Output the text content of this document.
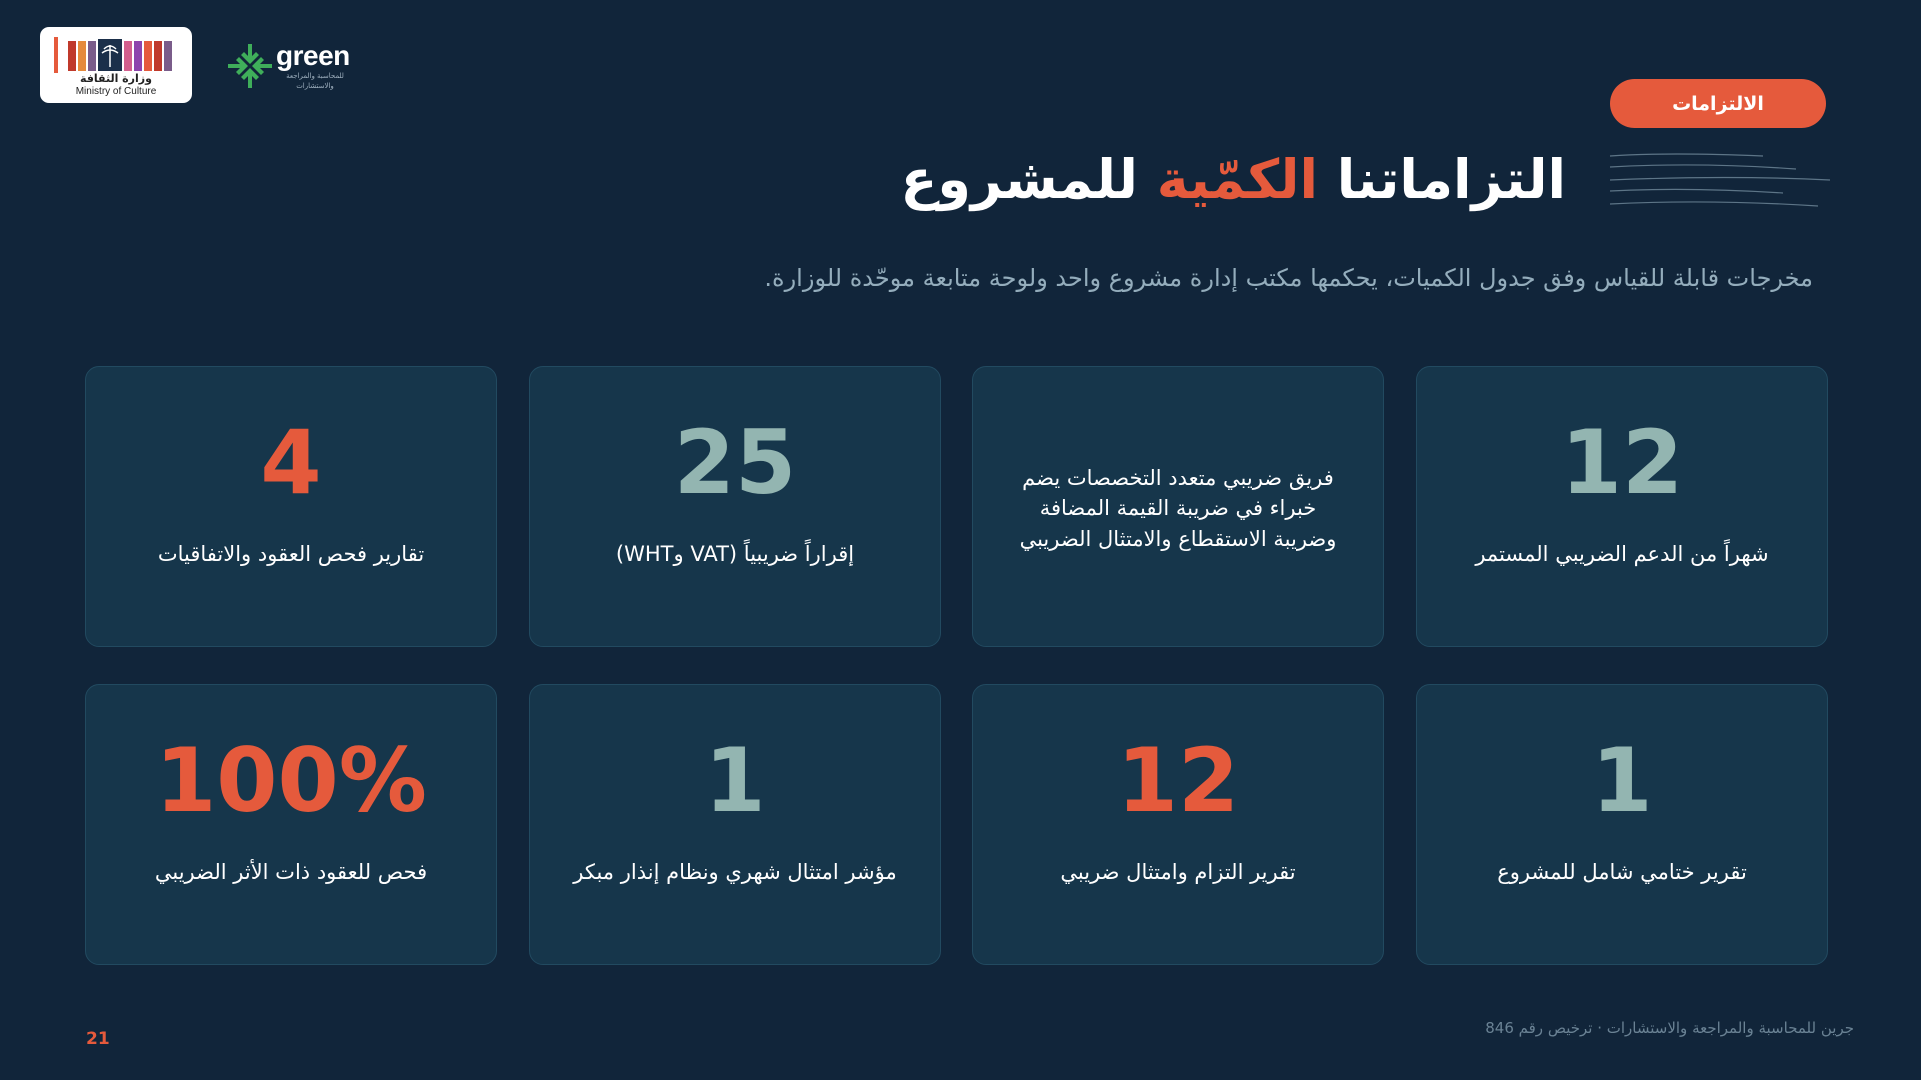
وزارة الثقافة
Ministry of Culture
green
للمحاسبة والمراجعة
والاستشارات
الالتزامات
التزاماتنا الكمّية للمشروع
مخرجات قابلة للقياس وفق جدول الكميات، يحكمها مكتب إدارة مشروع واحد ولوحة متابعة موحّدة للوزارة.
12
شهراً من الدعم الضريبي المستمر
فريق ضريبي متعدد التخصصات يضم خبراء في ضريبة القيمة المضافة وضريبة الاستقطاع والامتثال الضريبي
25
إقراراً ضريبياً (VAT وWHT)
4
تقارير فحص العقود والاتفاقيات
1
تقرير ختامي شامل للمشروع
12
تقرير التزام وامتثال ضريبي
1
مؤشر امتثال شهري ونظام إنذار مبكر
100%
فحص للعقود ذات الأثر الضريبي
21
جرين للمحاسبة والمراجعة والاستشارات · ترخيص رقم 846
